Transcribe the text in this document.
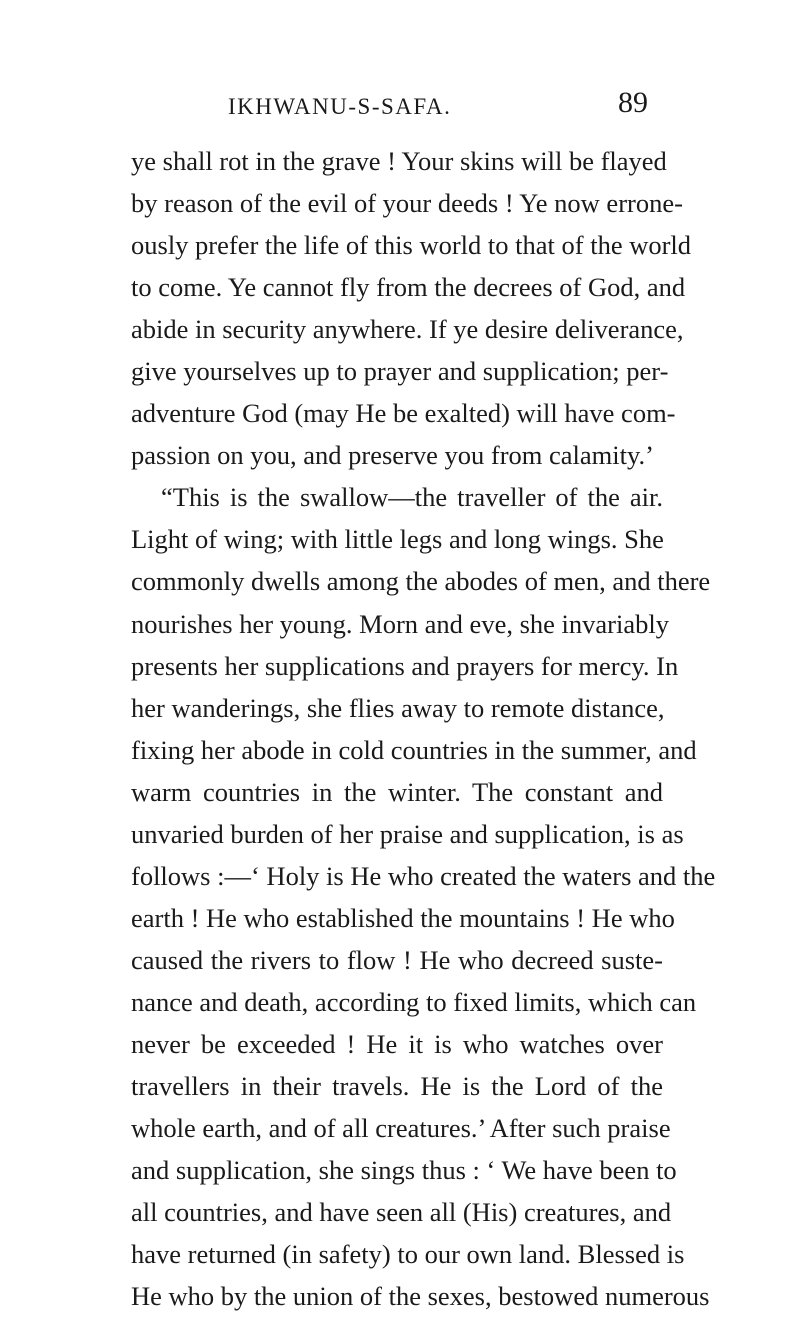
IKHWANU-S-SAFA.	89
ye shall rot in the grave ! Your skins will be flayed
by reason of the evil of your deeds ! Ye now errone-
ously prefer the life of this world to that of the world
to come. Ye cannot fly from the decrees of God, and
abide in security anywhere. If ye desire deliverance,
give yourselves up to prayer and supplication; per-
adventure God (may He be exalted) will have com-
passion on you, and preserve you from calamity.’
“This is the swallow—the traveller of the air.
Light of wing; with little legs and long wings. She
commonly dwells among the abodes of men, and there
nourishes her young. Morn and eve, she invariably
presents her supplications and prayers for mercy. In
her wanderings, she flies away to remote distance,
fixing her abode in cold countries in the summer, and
warm countries in the winter. The constant and
unvaried burden of her praise and supplication, is as
follows :—‘ Holy is He who created the waters and the
earth ! He who established the mountains ! He who
caused the rivers to flow ! He who decreed suste-
nance and death, according to fixed limits, which can
never be exceeded ! He it is who watches over
travellers in their travels. He is the Lord of the
whole earth, and of all creatures.’ After such praise
and supplication, she sings thus : ‘ We have been to
all countries, and have seen all (His) creatures, and
have returned (in safety) to our own land. Blessed is
He who by the union of the sexes, bestowed numerous
